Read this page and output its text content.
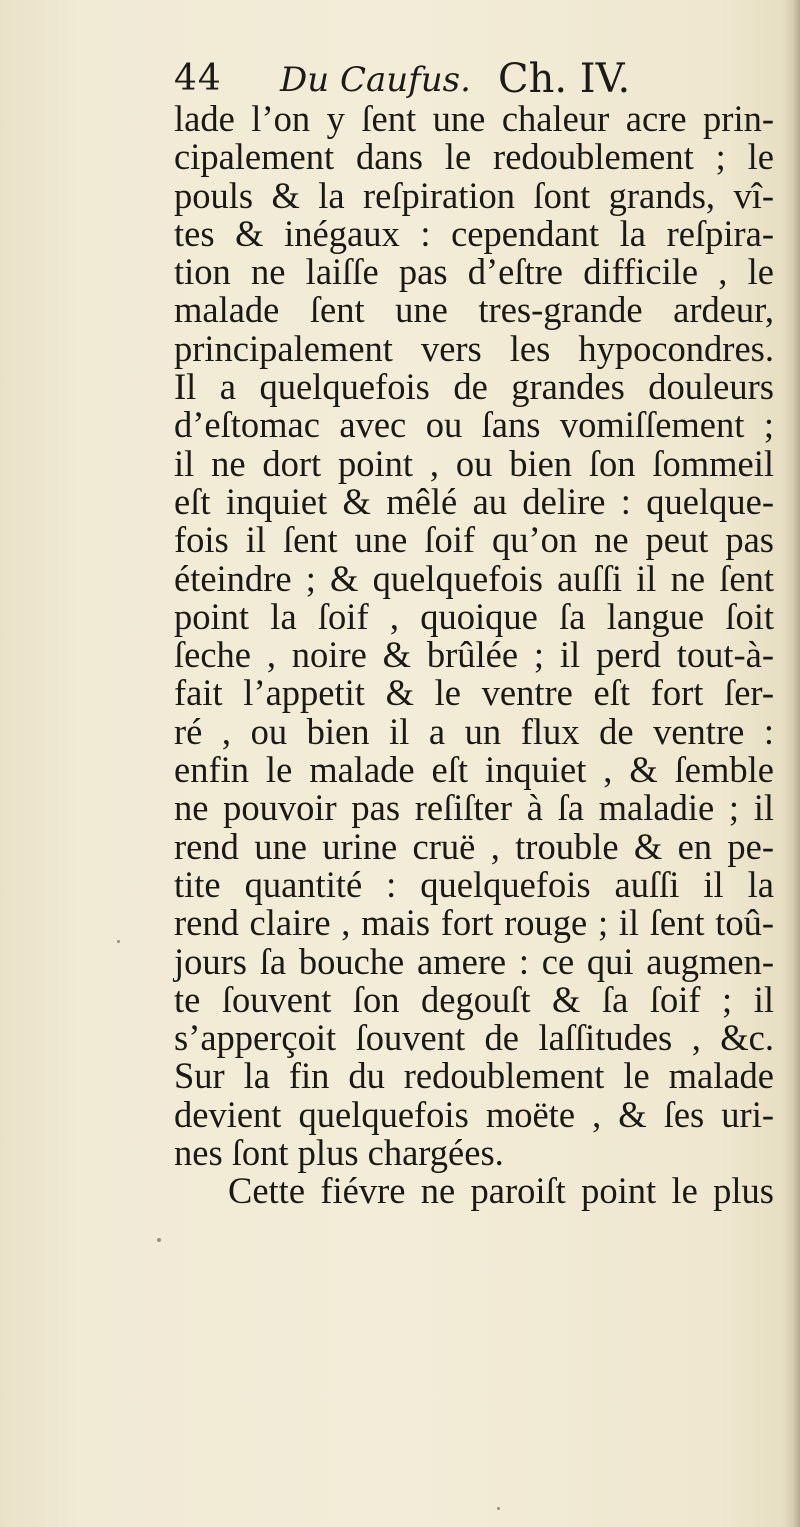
44 Du Caufus. Ch. IV.
lade l’on y ſent une chaleur acre prin-
cipalement dans le redoublement ; le
pouls & la reſpiration ſont grands, vî-
tes & inégaux : cependant la reſpira-
tion ne laiſſe pas d’eſtre difficile , le
malade ſent une tres-grande ardeur,
principalement vers les hypocondres.
Il a quelquefois de grandes douleurs
d’eſtomac avec ou ſans vomiſſement ;
il ne dort point , ou bien ſon ſommeil
eſt inquiet & mêlé au delire : quelque-
fois il ſent une ſoif qu’on ne peut pas
éteindre ; & quelquefois auſſi il ne ſent
point la ſoif , quoique ſa langue ſoit
ſeche , noire & brûlée ; il perd tout-à-
fait l’appetit & le ventre eſt fort ſer-
ré , ou bien il a un flux de ventre :
enfin le malade eſt inquiet , & ſemble
ne pouvoir pas reſiſter à ſa maladie ; il
rend une urine cruë , trouble & en pe-
tite quantité : quelquefois auſſi il la
rend claire , mais fort rouge ; il ſent toû-
jours ſa bouche amere : ce qui augmen-
te ſouvent ſon degouſt & ſa ſoif ; il
s’apperçoit ſouvent de laſſitudes , &c.
Sur la fin du redoublement le malade
devient quelquefois moëte , & ſes uri-
nes ſont plus chargées.
Cette fiévre ne paroiſt point le plus
